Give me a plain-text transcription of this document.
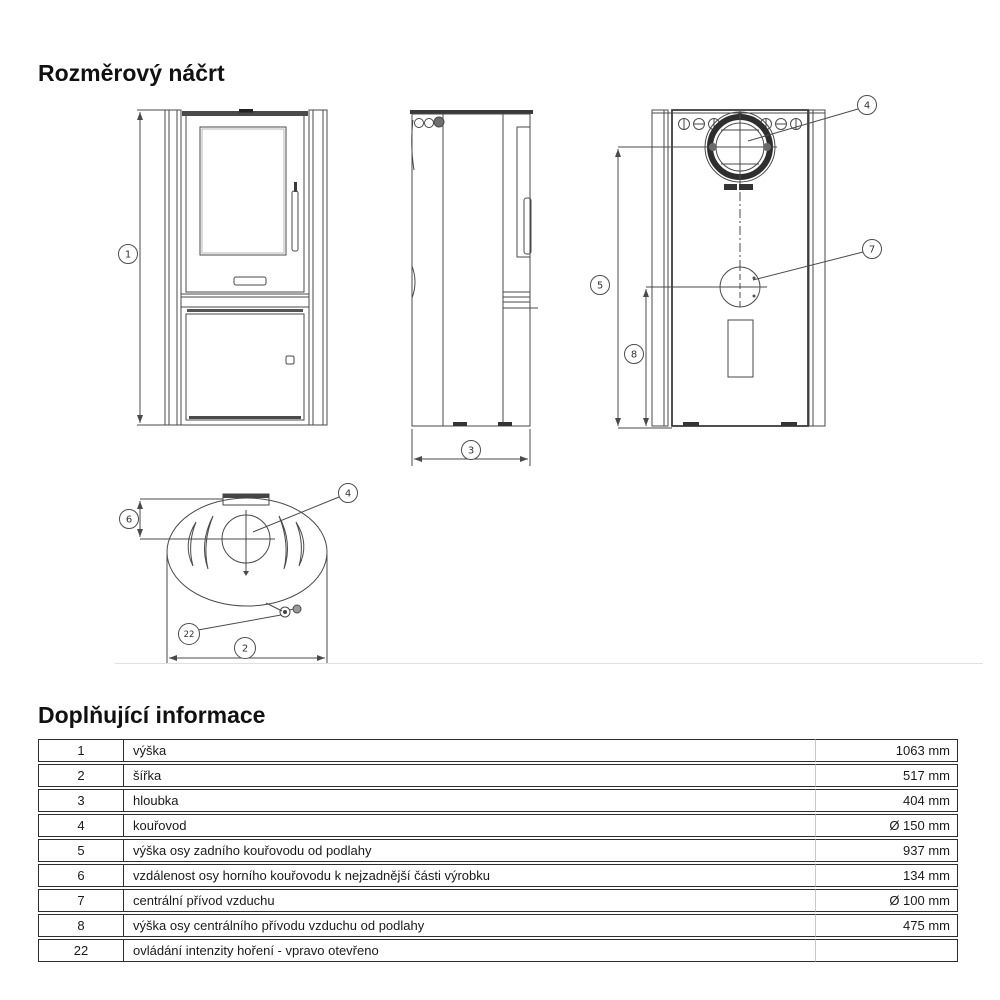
Rozměrový náčrt
1
3
4
7
5
8
4
6
22
2
Doplňující informace
1	výška	1063 mm
2	šířka	517 mm
3	hloubka	404 mm
4	kouřovod	Ø 150 mm
5	výška osy zadního kouřovodu od podlahy	937 mm
6	vzdálenost osy horního kouřovodu k nejzadnější části výrobku	134 mm
7	centrální přívod vzduchu	Ø 100 mm
8	výška osy centrálního přívodu vzduchu od podlahy	475 mm
22	ovládání intenzity hoření - vpravo otevřeno	
